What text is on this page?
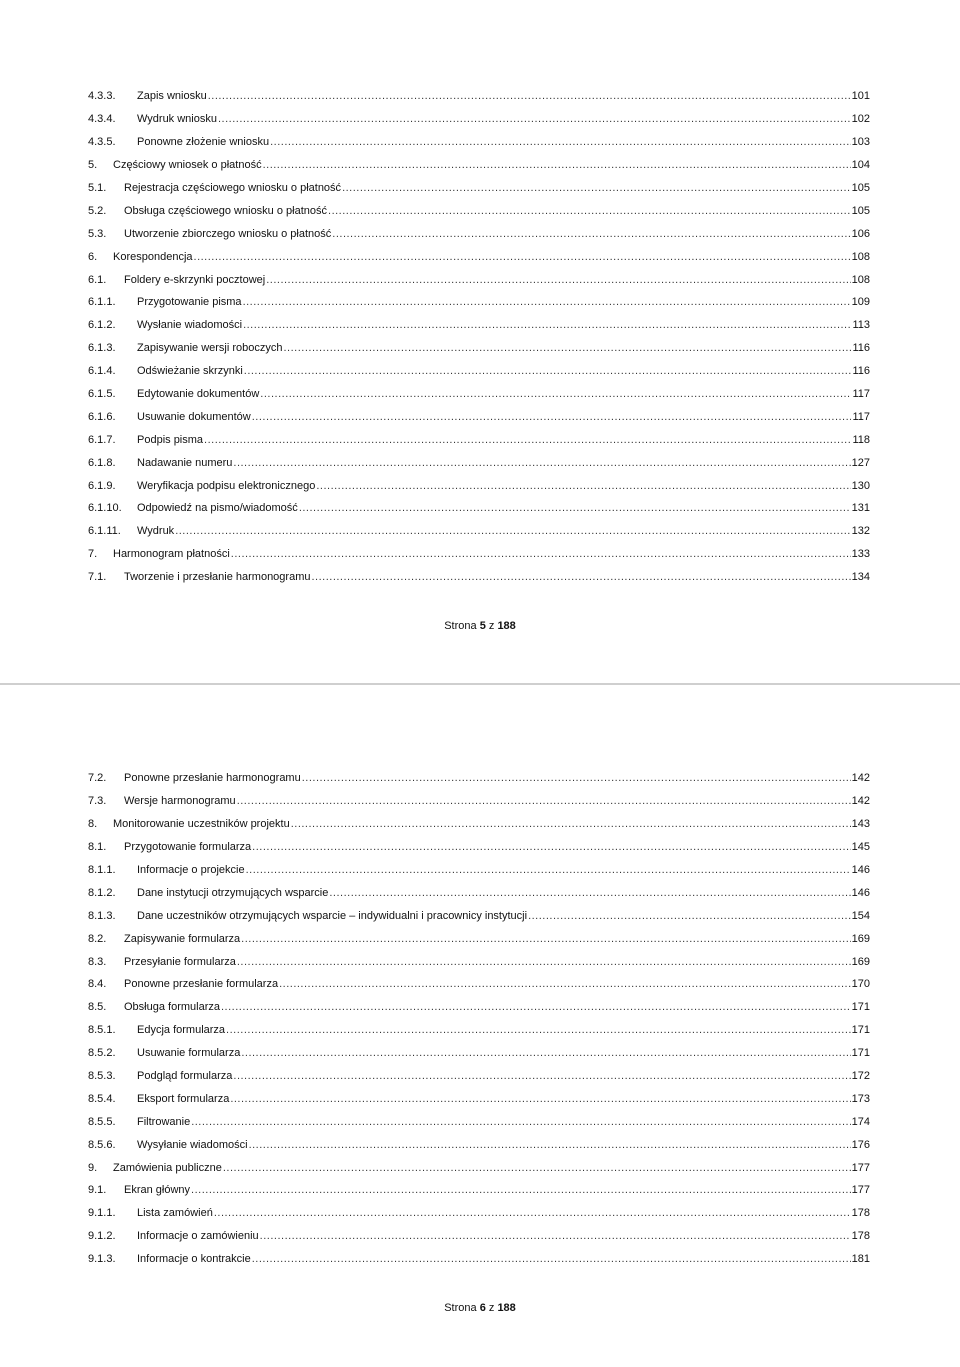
4.3.3.	Zapis wniosku .....	101
4.3.4.	Wydruk wniosku .....	102
4.3.5.	Ponowne złożenie wniosku .....	103
5.	Częściowy wniosek o płatność .....	104
5.1.	Rejestracja częściowego wniosku o płatność .....	105
5.2.	Obsługa częściowego wniosku o płatność .....	105
5.3.	Utworzenie zbiorczego wniosku o płatność .....	106
6.	Korespondencja .....	108
6.1.	Foldery e-skrzynki pocztowej .....	108
6.1.1.	Przygotowanie pisma .....	109
6.1.2.	Wysłanie wiadomości .....	113
6.1.3.	Zapisywanie wersji roboczych .....	116
6.1.4.	Odświeżanie skrzynki .....	116
6.1.5.	Edytowanie dokumentów .....	117
6.1.6.	Usuwanie dokumentów .....	117
6.1.7.	Podpis pisma .....	118
6.1.8.	Nadawanie numeru .....	127
6.1.9.	Weryfikacja podpisu elektronicznego .....	130
6.1.10.	Odpowiedź na pismo/wiadomość .....	131
6.1.11.	Wydruk .....	132
7.	Harmonogram płatności .....	133
7.1.	Tworzenie i przesłanie harmonogramu .....	134
Strona 5 z 188
7.2.	Ponowne przesłanie harmonogramu .....	142
7.3.	Wersje harmonogramu .....	142
8.	Monitorowanie uczestników projektu .....	143
8.1.	Przygotowanie formularza .....	145
8.1.1.	Informacje o projekcie .....	146
8.1.2.	Dane instytucji otrzymujących wsparcie .....	146
8.1.3.	Dane uczestników otrzymujących wsparcie – indywidualni i pracownicy instytucji .....	154
8.2.	Zapisywanie formularza .....	169
8.3.	Przesyłanie formularza .....	169
8.4.	Ponowne przesłanie formularza .....	170
8.5.	Obsługa formularza .....	171
8.5.1.	Edycja formularza .....	171
8.5.2.	Usuwanie formularza .....	171
8.5.3.	Podgląd formularza .....	172
8.5.4.	Eksport formularza .....	173
8.5.5.	Filtrowanie .....	174
8.5.6.	Wysyłanie wiadomości .....	176
9.	Zamówienia publiczne .....	177
9.1.	Ekran główny .....	177
9.1.1.	Lista zamówień .....	178
9.1.2.	Informacje o zamówieniu .....	178
9.1.3.	Informacje o kontrakcie .....	181
Strona 6 z 188
